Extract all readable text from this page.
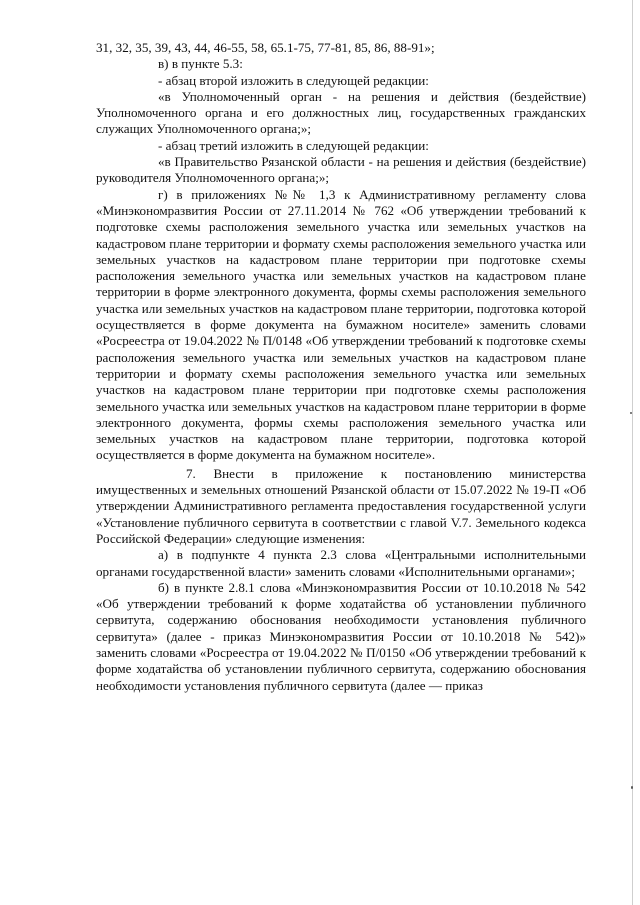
31, 32, 35, 39, 43, 44, 46-55, 58, 65.1-75, 77-81, 85, 86, 88-91»;

в) в пункте 5.3:

- абзац второй изложить в следующей редакции:

«в Уполномоченный орган - на решения и действия (бездействие) Уполномоченного органа и его должностных лиц, государственных гражданских служащих Уполномоченного органа;»;

- абзац третий изложить в следующей редакции:

«в Правительство Рязанской области - на решения и действия (бездействие) руководителя Уполномоченного органа;»;

г) в приложениях №№ 1,3 к Административному регламенту слова «Минэкономразвития России от 27.11.2014 № 762 «Об утверждении требований к подготовке схемы расположения земельного участка или земельных участков на кадастровом плане территории и формату схемы расположения земельного участка или земельных участков на кадастровом плане территории при подготовке схемы расположения земельного участка или земельных участков на кадастровом плане территории в форме электронного документа, формы схемы расположения земельного участка или земельных участков на кадастровом плане территории, подготовка которой осуществляется в форме документа на бумажном носителе» заменить словами «Росреестра от 19.04.2022 № П/0148 «Об утверждении требований к подготовке схемы расположения земельного участка или земельных участков на кадастровом плане территории и формату схемы расположения земельного участка или земельных участков на кадастровом плане территории при подготовке схемы расположения земельного участка или земельных участков на кадастровом плане территории в форме электронного документа, формы схемы расположения земельного участка или земельных участков на кадастровом плане территории, подготовка которой осуществляется в форме документа на бумажном носителе».

7. Внести в приложение к постановлению министерства имущественных и земельных отношений Рязанской области от 15.07.2022 № 19-П «Об утверждении Административного регламента предоставления государственной услуги «Установление публичного сервитута в соответствии с главой V.7. Земельного кодекса Российской Федерации» следующие изменения:

а) в подпункте 4 пункта 2.3 слова «Центральными исполнительными органами государственной власти» заменить словами «Исполнительными органами»;

б) в пункте 2.8.1 слова «Минэкономразвития России от 10.10.2018 № 542 «Об утверждении требований к форме ходатайства об установлении публичного сервитута, содержанию обоснования необходимости установления публичного сервитута» (далее - приказ Минэкономразвития России от 10.10.2018 № 542)» заменить словами «Росреестра от 19.04.2022 № П/0150 «Об утверждении требований к форме ходатайства об установлении публичного сервитута, содержанию обоснования необходимости установления публичного сервитута (далее — приказ
